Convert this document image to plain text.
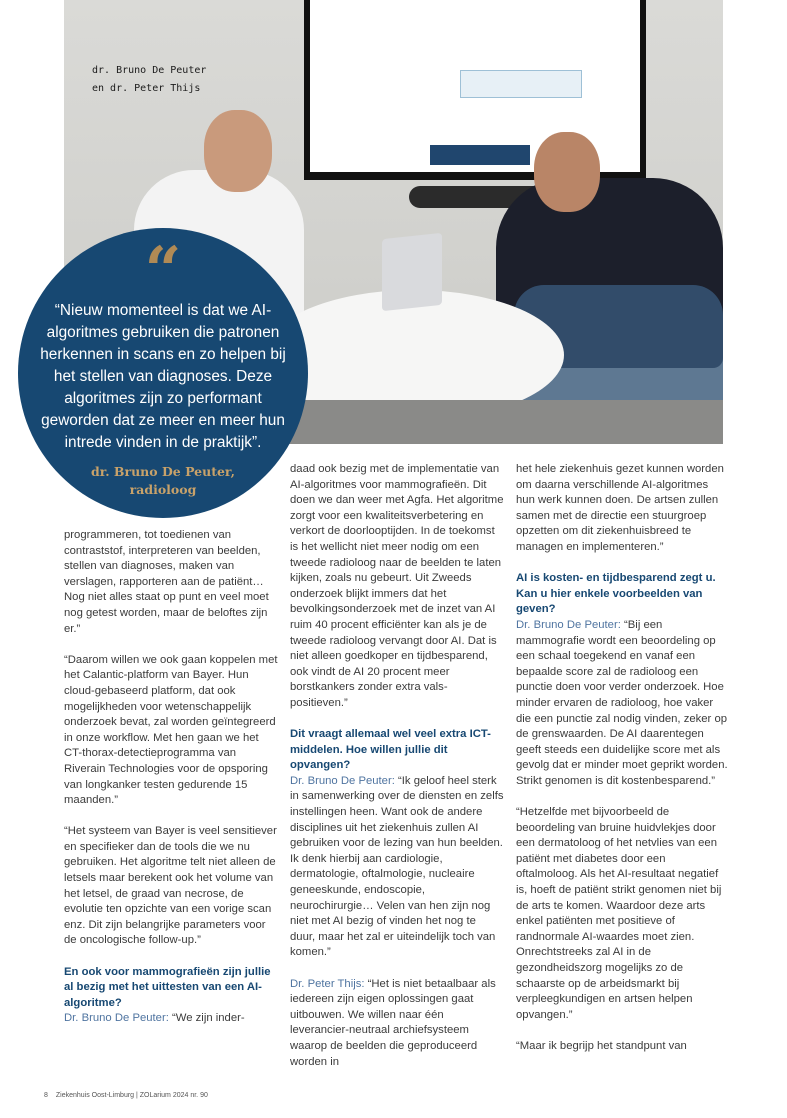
dr. Bruno De Peuter
en dr. Peter Thijs
“
“Nieuw momenteel is dat we AI-algoritmes gebruiken die patronen herkennen in scans en zo helpen bij het stellen van diagnoses. Deze algoritmes zijn zo performant geworden dat ze meer en meer hun intrede vinden in de praktijk”.
dr. Bruno De Peuter,
radioloog

programmeren, tot toedienen van contraststof, interpreteren van beelden, stellen van diagnoses, maken van verslagen, rapporteren aan de patiënt… Nog niet alles staat op punt en veel moet nog getest worden, maar de beloftes zijn er.”

“Daarom willen we ook gaan koppelen met het Calantic-platform van Bayer. Hun cloud-gebaseerd platform, dat ook mogelijkheden voor wetenschappelijk onderzoek bevat, zal worden geïntegreerd in onze workflow. Met hen gaan we het CT-thorax-detectieprogramma van Riverain Technologies voor de opsporing van longkanker testen gedurende 15 maanden.”

“Het systeem van Bayer is veel sensitiever en specifieker dan de tools die we nu gebruiken. Het algoritme telt niet alleen de letsels maar berekent ook het volume van het letsel, de graad van necrose, de evolutie ten opzichte van een vorige scan enz. Dit zijn belangrijke parameters voor de oncologische follow-up.”

En ook voor mammografieën zijn jullie al bezig met het uittesten van een AI-algoritme?

Dr. Bruno De Peuter: “We zijn inder-

daad ook bezig met de implementatie van AI-algoritmes voor mammografieën. Dit doen we dan weer met Agfa. Het algoritme zorgt voor een kwaliteitsverbetering en verkort de doorlooptijden. In de toekomst is het wellicht niet meer nodig om een tweede radioloog naar de beelden te laten kijken, zoals nu gebeurt. Uit Zweeds onderzoek blijkt immers dat het bevolkingsonderzoek met de inzet van AI ruim 40 procent efficiënter kan als je de tweede radioloog vervangt door AI. Dat is niet alleen goedkoper en tijdbesparend, ook vindt de AI 20 procent meer borstkankers zonder extra vals-positieven.”

Dit vraagt allemaal wel veel extra ICT-middelen. Hoe willen jullie dit opvangen?

Dr. Bruno De Peuter: “Ik geloof heel sterk in samenwerking over de diensten en zelfs instellingen heen. Want ook de andere disciplines uit het ziekenhuis zullen AI gebruiken voor de lezing van hun beelden. Ik denk hierbij aan cardiologie, dermatologie, oftalmologie, nucleaire geneeskunde, endoscopie, neurochirurgie… Velen van hen zijn nog niet met AI bezig of vinden het nog te duur, maar het zal er uiteindelijk toch van komen.”

Dr. Peter Thijs: “Het is niet betaalbaar als iedereen zijn eigen oplossingen gaat uitbouwen. We willen naar één leverancier-neutraal archiefsysteem waarop de beelden die geproduceerd worden in

het hele ziekenhuis gezet kunnen worden om daarna verschillende AI-algoritmes hun werk kunnen doen. De artsen zullen samen met de directie een stuurgroep opzetten om dit ziekenhuisbreed te managen en implementeren.”

AI is kosten- en tijdbesparend zegt u. Kan u hier enkele voorbeelden van geven?

Dr. Bruno De Peuter: “Bij een mammografie wordt een beoordeling op een schaal toegekend en vanaf een bepaalde score zal de radioloog een punctie doen voor verder onderzoek. Hoe minder ervaren de radioloog, hoe vaker die een punctie zal nodig vinden, zeker op de grenswaarden. De AI daarentegen geeft steeds een duidelijke score met als gevolg dat er minder moet geprikt worden. Strikt genomen is dit kostenbesparend.”

“Hetzelfde met bijvoorbeeld de beoordeling van bruine huidvlekjes door een dermatoloog of het netvlies van een patiënt met diabetes door een oftalmoloog. Als het AI-resultaat negatief is, hoeft de patiënt strikt genomen niet bij de arts te komen. Waardoor deze arts enkel patiënten met positieve of randnormale AI-waardes moet zien. Onrechtstreeks zal AI in de gezondheidszorg mogelijks zo de schaarste op de arbeidsmarkt bij verpleegkundigen en artsen helpen opvangen.”

“Maar ik begrijp het standpunt van

8 Ziekenhuis Oost-Limburg | ZOLarium 2024 nr. 90
